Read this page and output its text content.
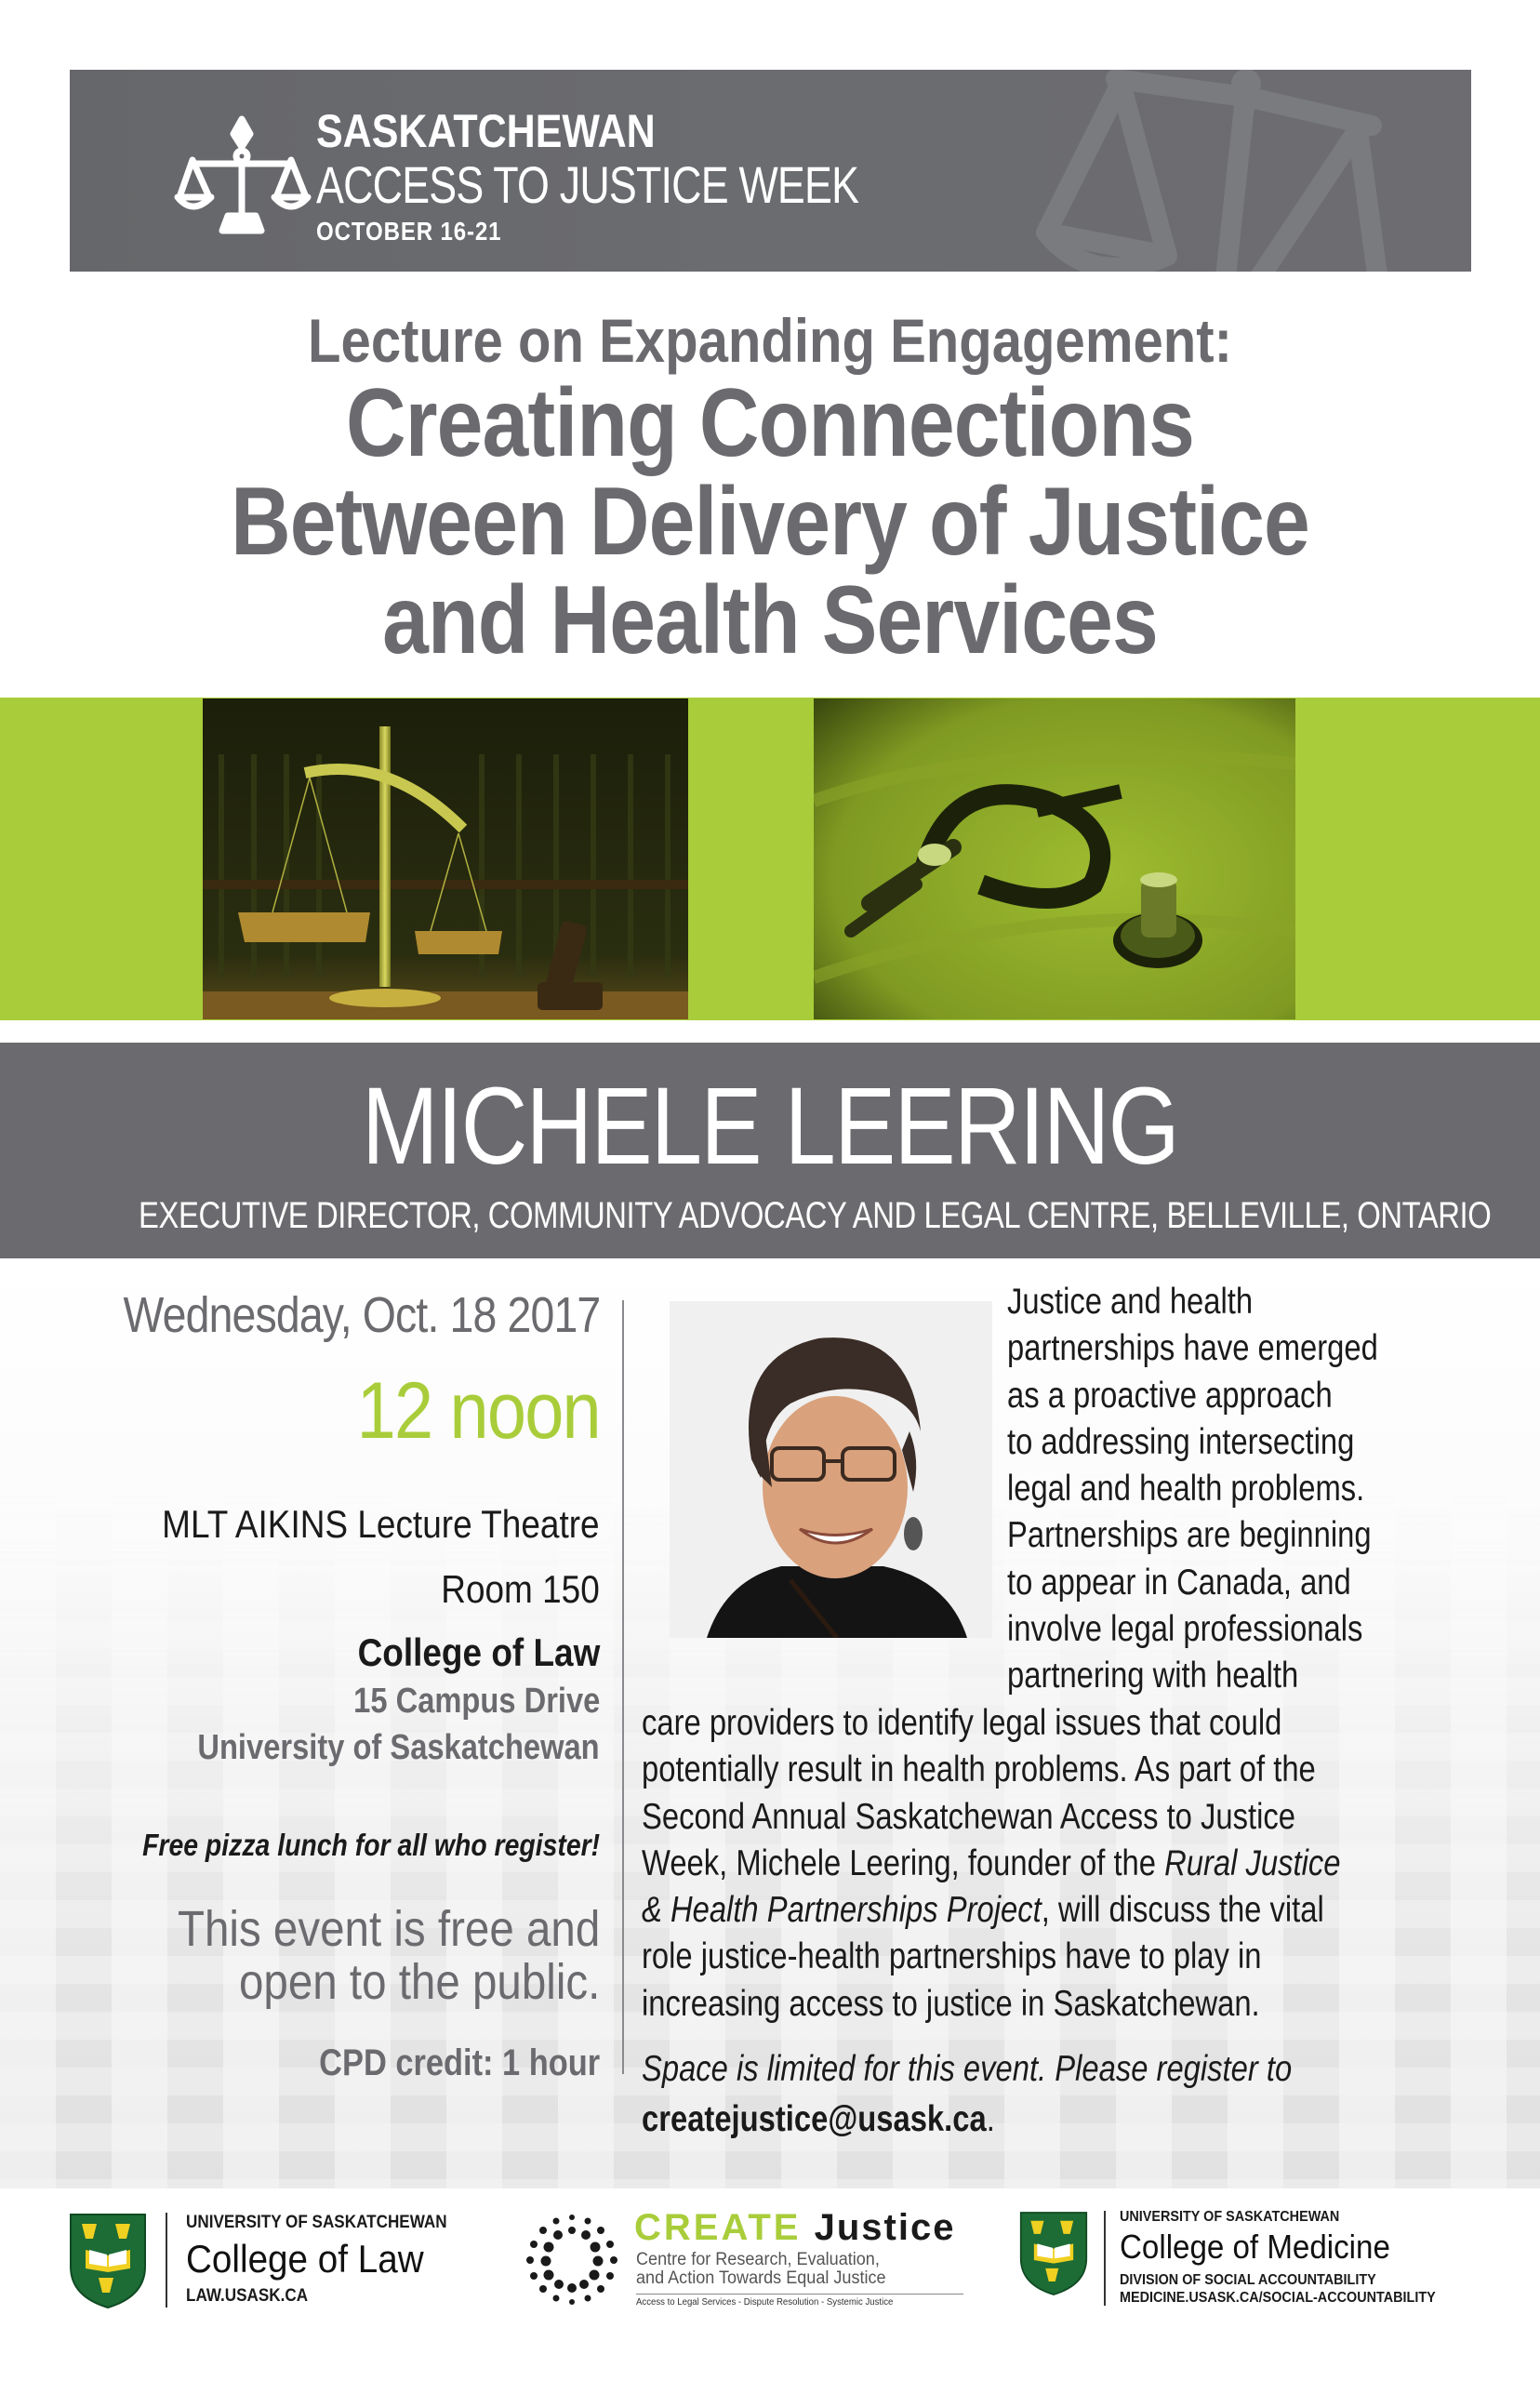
SASKATCHEWAN
ACCESS TO JUSTICE WEEK
OCTOBER 16-21
Lecture on Expanding Engagement:
Creating Connections
Between Delivery of Justice
and Health Services
MICHELE LEERING
EXECUTIVE DIRECTOR, COMMUNITY ADVOCACY AND LEGAL CENTRE, BELLEVILLE, ONTARIO
Wednesday, Oct. 18 2017
12 noon
MLT AIKINS Lecture Theatre
Room 150
College of Law
15 Campus Drive
University of Saskatchewan
Free pizza lunch for all who register!
This event is free and
open to the public.
CPD credit: 1 hour
Justice and health
partnerships have emerged
as a proactive approach
to addressing intersecting
legal and health problems.
Partnerships are beginning
to appear in Canada, and
involve legal professionals
partnering with health
care providers to identify legal issues that could
potentially result in health problems. As part of the
Second Annual Saskatchewan Access to Justice
Week, Michele Leering, founder of the Rural Justice
& Health Partnerships Project, will discuss the vital
role justice-health partnerships have to play in
increasing access to justice in Saskatchewan.
Space is limited for this event. Please register to
createjustice@usask.ca.
UNIVERSITY OF SASKATCHEWAN
College of Law
LAW.USASK.CA
CREATE Justice
Centre for Research, Evaluation,
and Action Towards Equal Justice
Access to Legal Services - Dispute Resolution - Systemic Justice
UNIVERSITY OF SASKATCHEWAN
College of Medicine
DIVISION OF SOCIAL ACCOUNTABILITY
MEDICINE.USASK.CA/SOCIAL-ACCOUNTABILITY
